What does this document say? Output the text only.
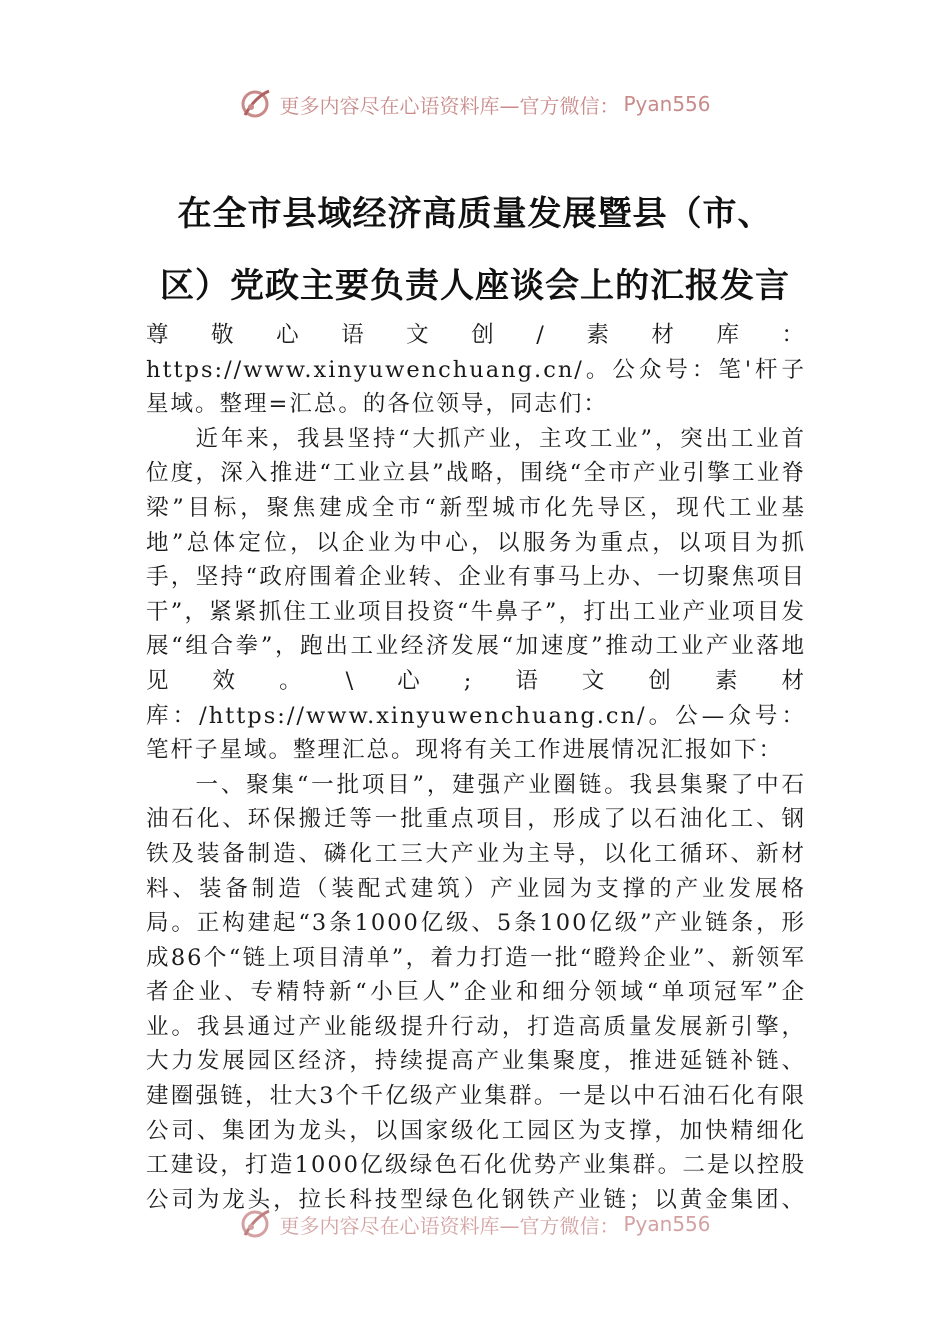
更多内容尽在心语资料库—官方微信： Pyan556
在全市县域经济高质量发展暨县（市、
区）党政主要负责人座谈会上的汇报发言

尊敬心语文创/素材库：https://www.xinyuwenchuang.cn/。公众号：笔'杆子星域。整理=汇总。的各位领导，同志们：

近年来，我县坚持“大抓产业，主攻工业”，突出工业首位度，深入推进“工业立县”战略，围绕“全市产业引擎工业脊梁”目标，聚焦建成全市“新型城市化先导区，现代工业基地”总体定位，以企业为中心，以服务为重点，以项目为抓手，坚持“政府围着企业转、企业有事马上办、一切聚焦项目干”，紧紧抓住工业项目投资“牛鼻子”，打出工业产业项目发展“组合拳”，跑出工业经济发展“加速度”推动工业产业落地见效。\心;语文创素材库：/https://www.xinyuwenchuang.cn/。公—众号：笔杆子星域。整理汇总。现将有关工作进展情况汇报如下：

一、聚集“一批项目”，建强产业圈链。我县集聚了中石油石化、环保搬迁等一批重点项目，形成了以石油化工、钢铁及装备制造、磷化工三大产业为主导，以化工循环、新材料、装备制造（装配式建筑）产业园为支撑的产业发展格局。正构建起“3条1000亿级、5条100亿级”产业链条，形成86个“链上项目清单”，着力打造一批“瞪羚企业”、新领军者企业、专精特新“小巨人”企业和细分领域“单项冠军”企业。我县通过产业能级提升行动，打造高质量发展新引擎，大力发展园区经济，持续提高产业集聚度，推进延链补链、建圈强链，壮大3个千亿级产业集群。一是以中石油石化有限公司、集团为龙头，以国家级化工园区为支撑，加快精细化工建设，打造1000亿级绿色石化优势产业集群。二是以控股公司为龙头，拉长科技型绿色化钢铁产业链；以黄金集团、

更多内容尽在心语资料库—官方微信： Pyan556
